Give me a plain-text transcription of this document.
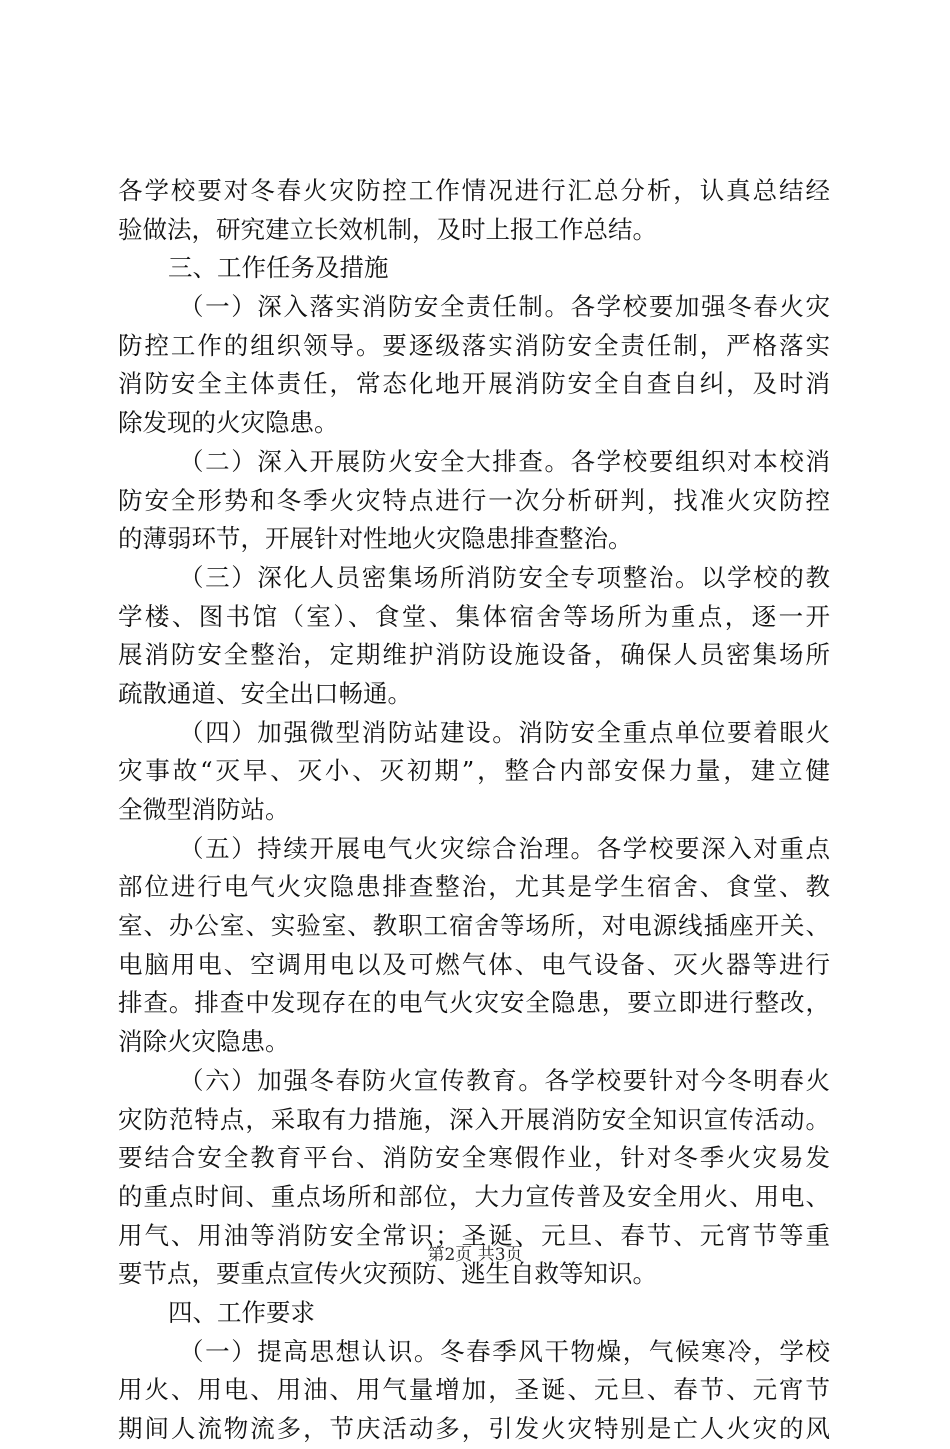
各学校要对冬春火灾防控工作情况进行汇总分析，认真总结经
验做法，研究建立长效机制，及时上报工作总结。
三、工作任务及措施
（一）深入落实消防安全责任制。各学校要加强冬春火灾
防控工作的组织领导。要逐级落实消防安全责任制，严格落实
消防安全主体责任，常态化地开展消防安全自查自纠，及时消
除发现的火灾隐患。
（二）深入开展防火安全大排查。各学校要组织对本校消
防安全形势和冬季火灾特点进行一次分析研判，找准火灾防控
的薄弱环节，开展针对性地火灾隐患排查整治。
（三）深化人员密集场所消防安全专项整治。以学校的教
学楼、图书馆（室）、食堂、集体宿舍等场所为重点，逐一开
展消防安全整治，定期维护消防设施设备，确保人员密集场所
疏散通道、安全出口畅通。
（四）加强微型消防站建设。消防安全重点单位要着眼火
灾事故“灭早、灭小、灭初期”，整合内部安保力量，建立健
全微型消防站。
（五）持续开展电气火灾综合治理。各学校要深入对重点
部位进行电气火灾隐患排查整治，尤其是学生宿舍、食堂、教
室、办公室、实验室、教职工宿舍等场所，对电源线插座开关、
电脑用电、空调用电以及可燃气体、电气设备、灭火器等进行
排查。排查中发现存在的电气火灾安全隐患，要立即进行整改，
消除火灾隐患。
（六）加强冬春防火宣传教育。各学校要针对今冬明春火
灾防范特点，采取有力措施，深入开展消防安全知识宣传活动。
要结合安全教育平台、消防安全寒假作业，针对冬季火灾易发
的重点时间、重点场所和部位，大力宣传普及安全用火、用电、
用气、用油等消防安全常识；圣诞、元旦、春节、元宵节等重
要节点，要重点宣传火灾预防、逃生自救等知识。
四、工作要求
（一）提高思想认识。冬春季风干物燥，气候寒冷，学校
用火、用电、用油、用气量增加，圣诞、元旦、春节、元宵节
期间人流物流多，节庆活动多，引发火灾特别是亡人火灾的风
第2页 共3页
